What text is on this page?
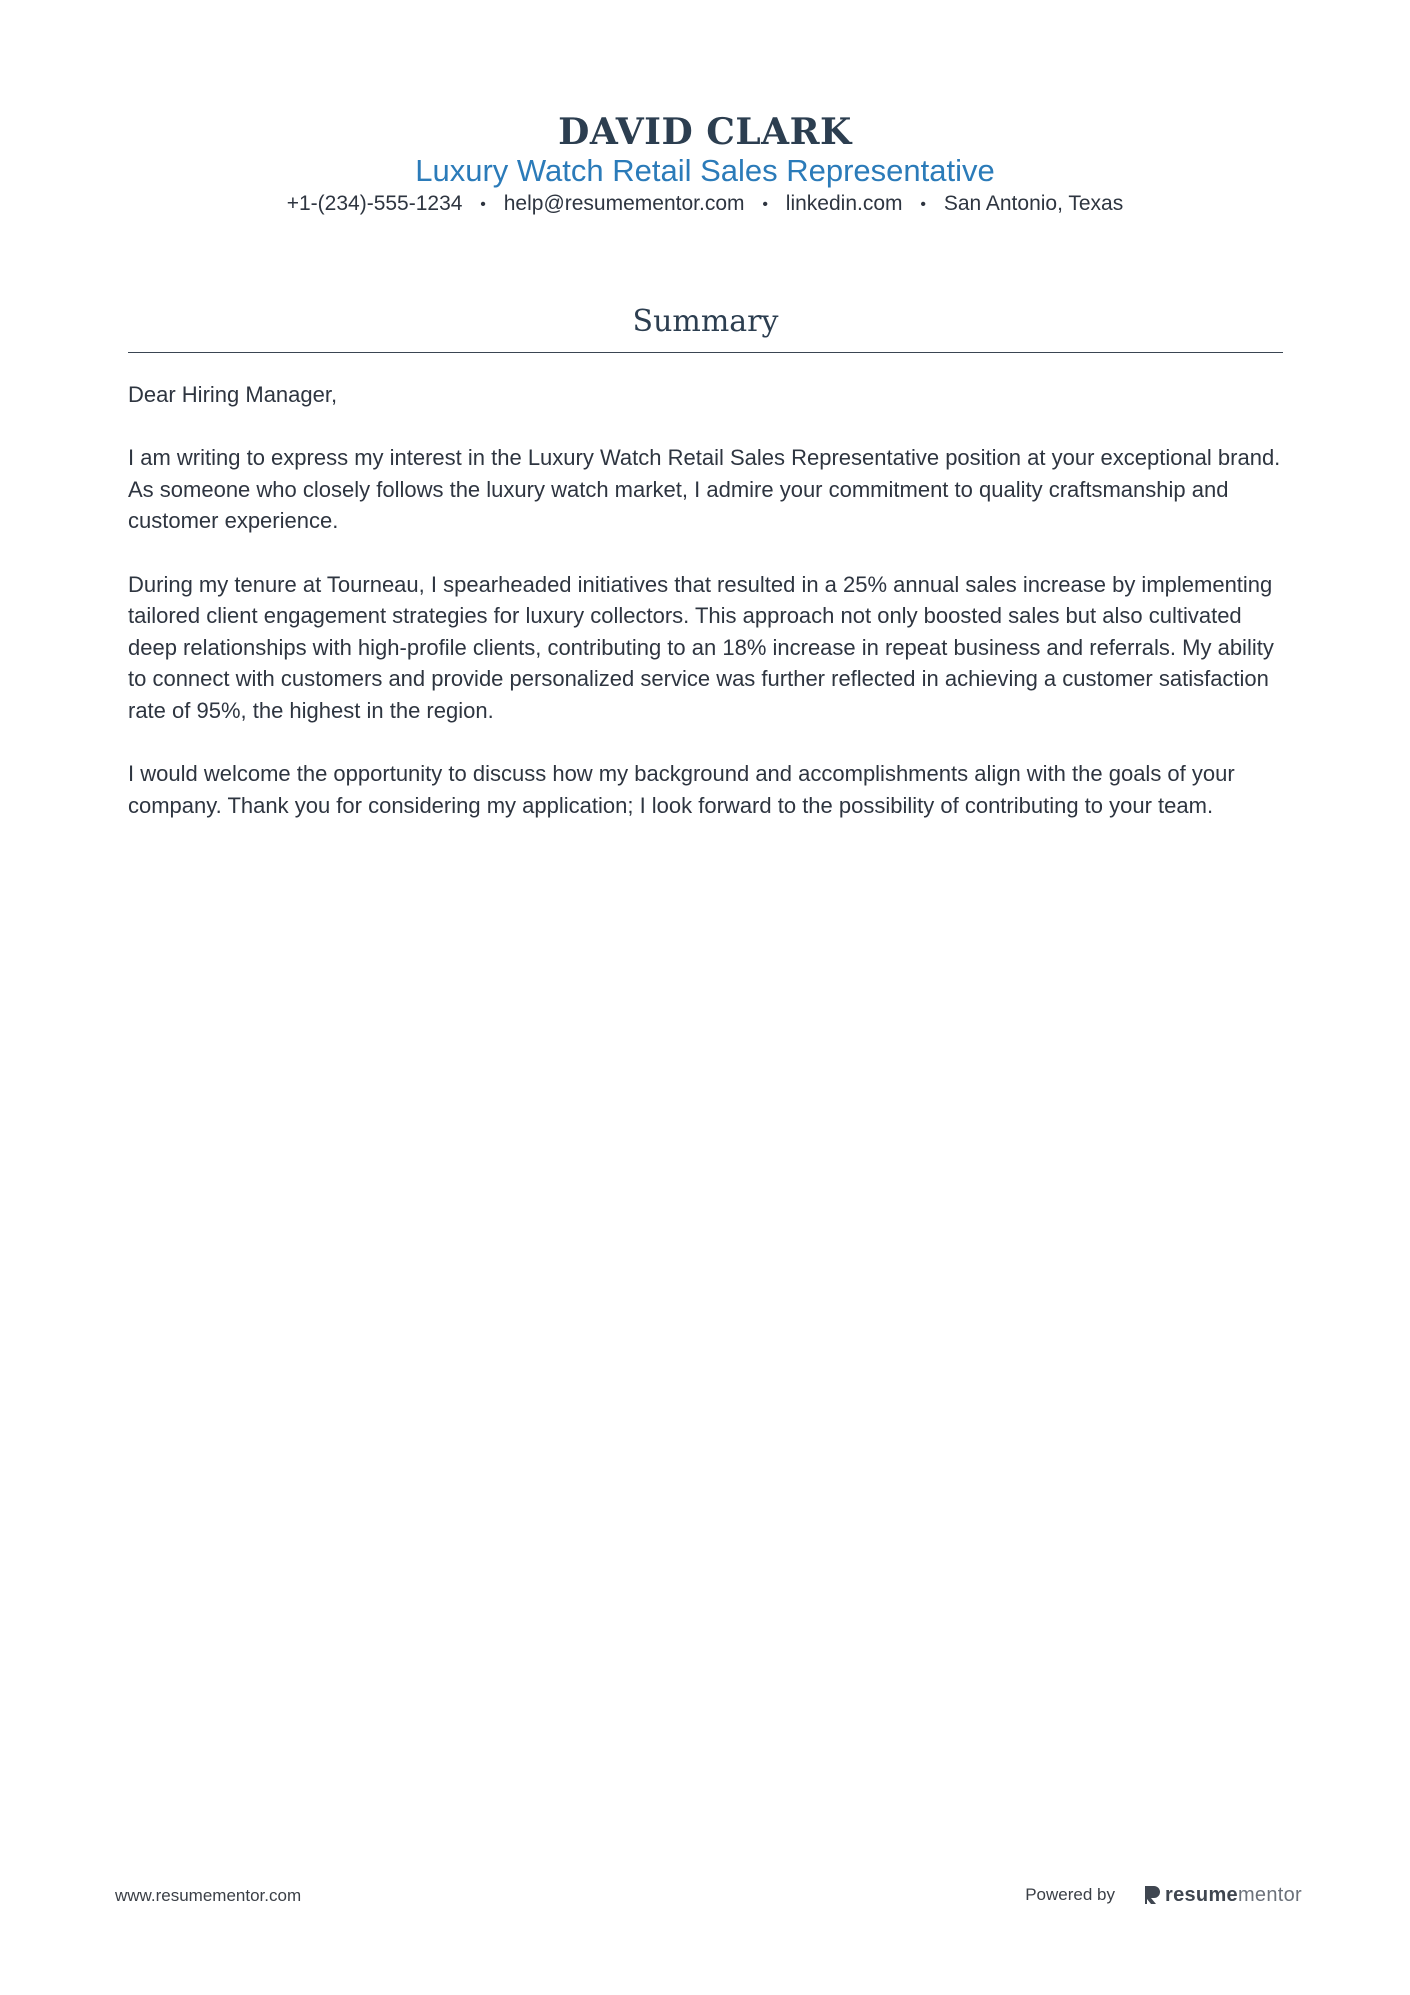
DAVID CLARK
Luxury Watch Retail Sales Representative
+1-(234)-555-1234 • help@resumementor.com • linkedin.com • San Antonio, Texas
Summary

Dear Hiring Manager,

I am writing to express my interest in the Luxury Watch Retail Sales Representative position at your exceptional brand. As someone who closely follows the luxury watch market, I admire your commitment to quality craftsmanship and customer experience.

During my tenure at Tourneau, I spearheaded initiatives that resulted in a 25% annual sales increase by implementing tailored client engagement strategies for luxury collectors. This approach not only boosted sales but also cultivated deep relationships with high-profile clients, contributing to an 18% increase in repeat business and referrals. My ability to connect with customers and provide personalized service was further reflected in achieving a customer satisfaction rate of 95%, the highest in the region.

I would welcome the opportunity to discuss how my background and accomplishments align with the goals of your company. Thank you for considering my application; I look forward to the possibility of contributing to your team.

www.resumementor.com	Powered by	resumementor
